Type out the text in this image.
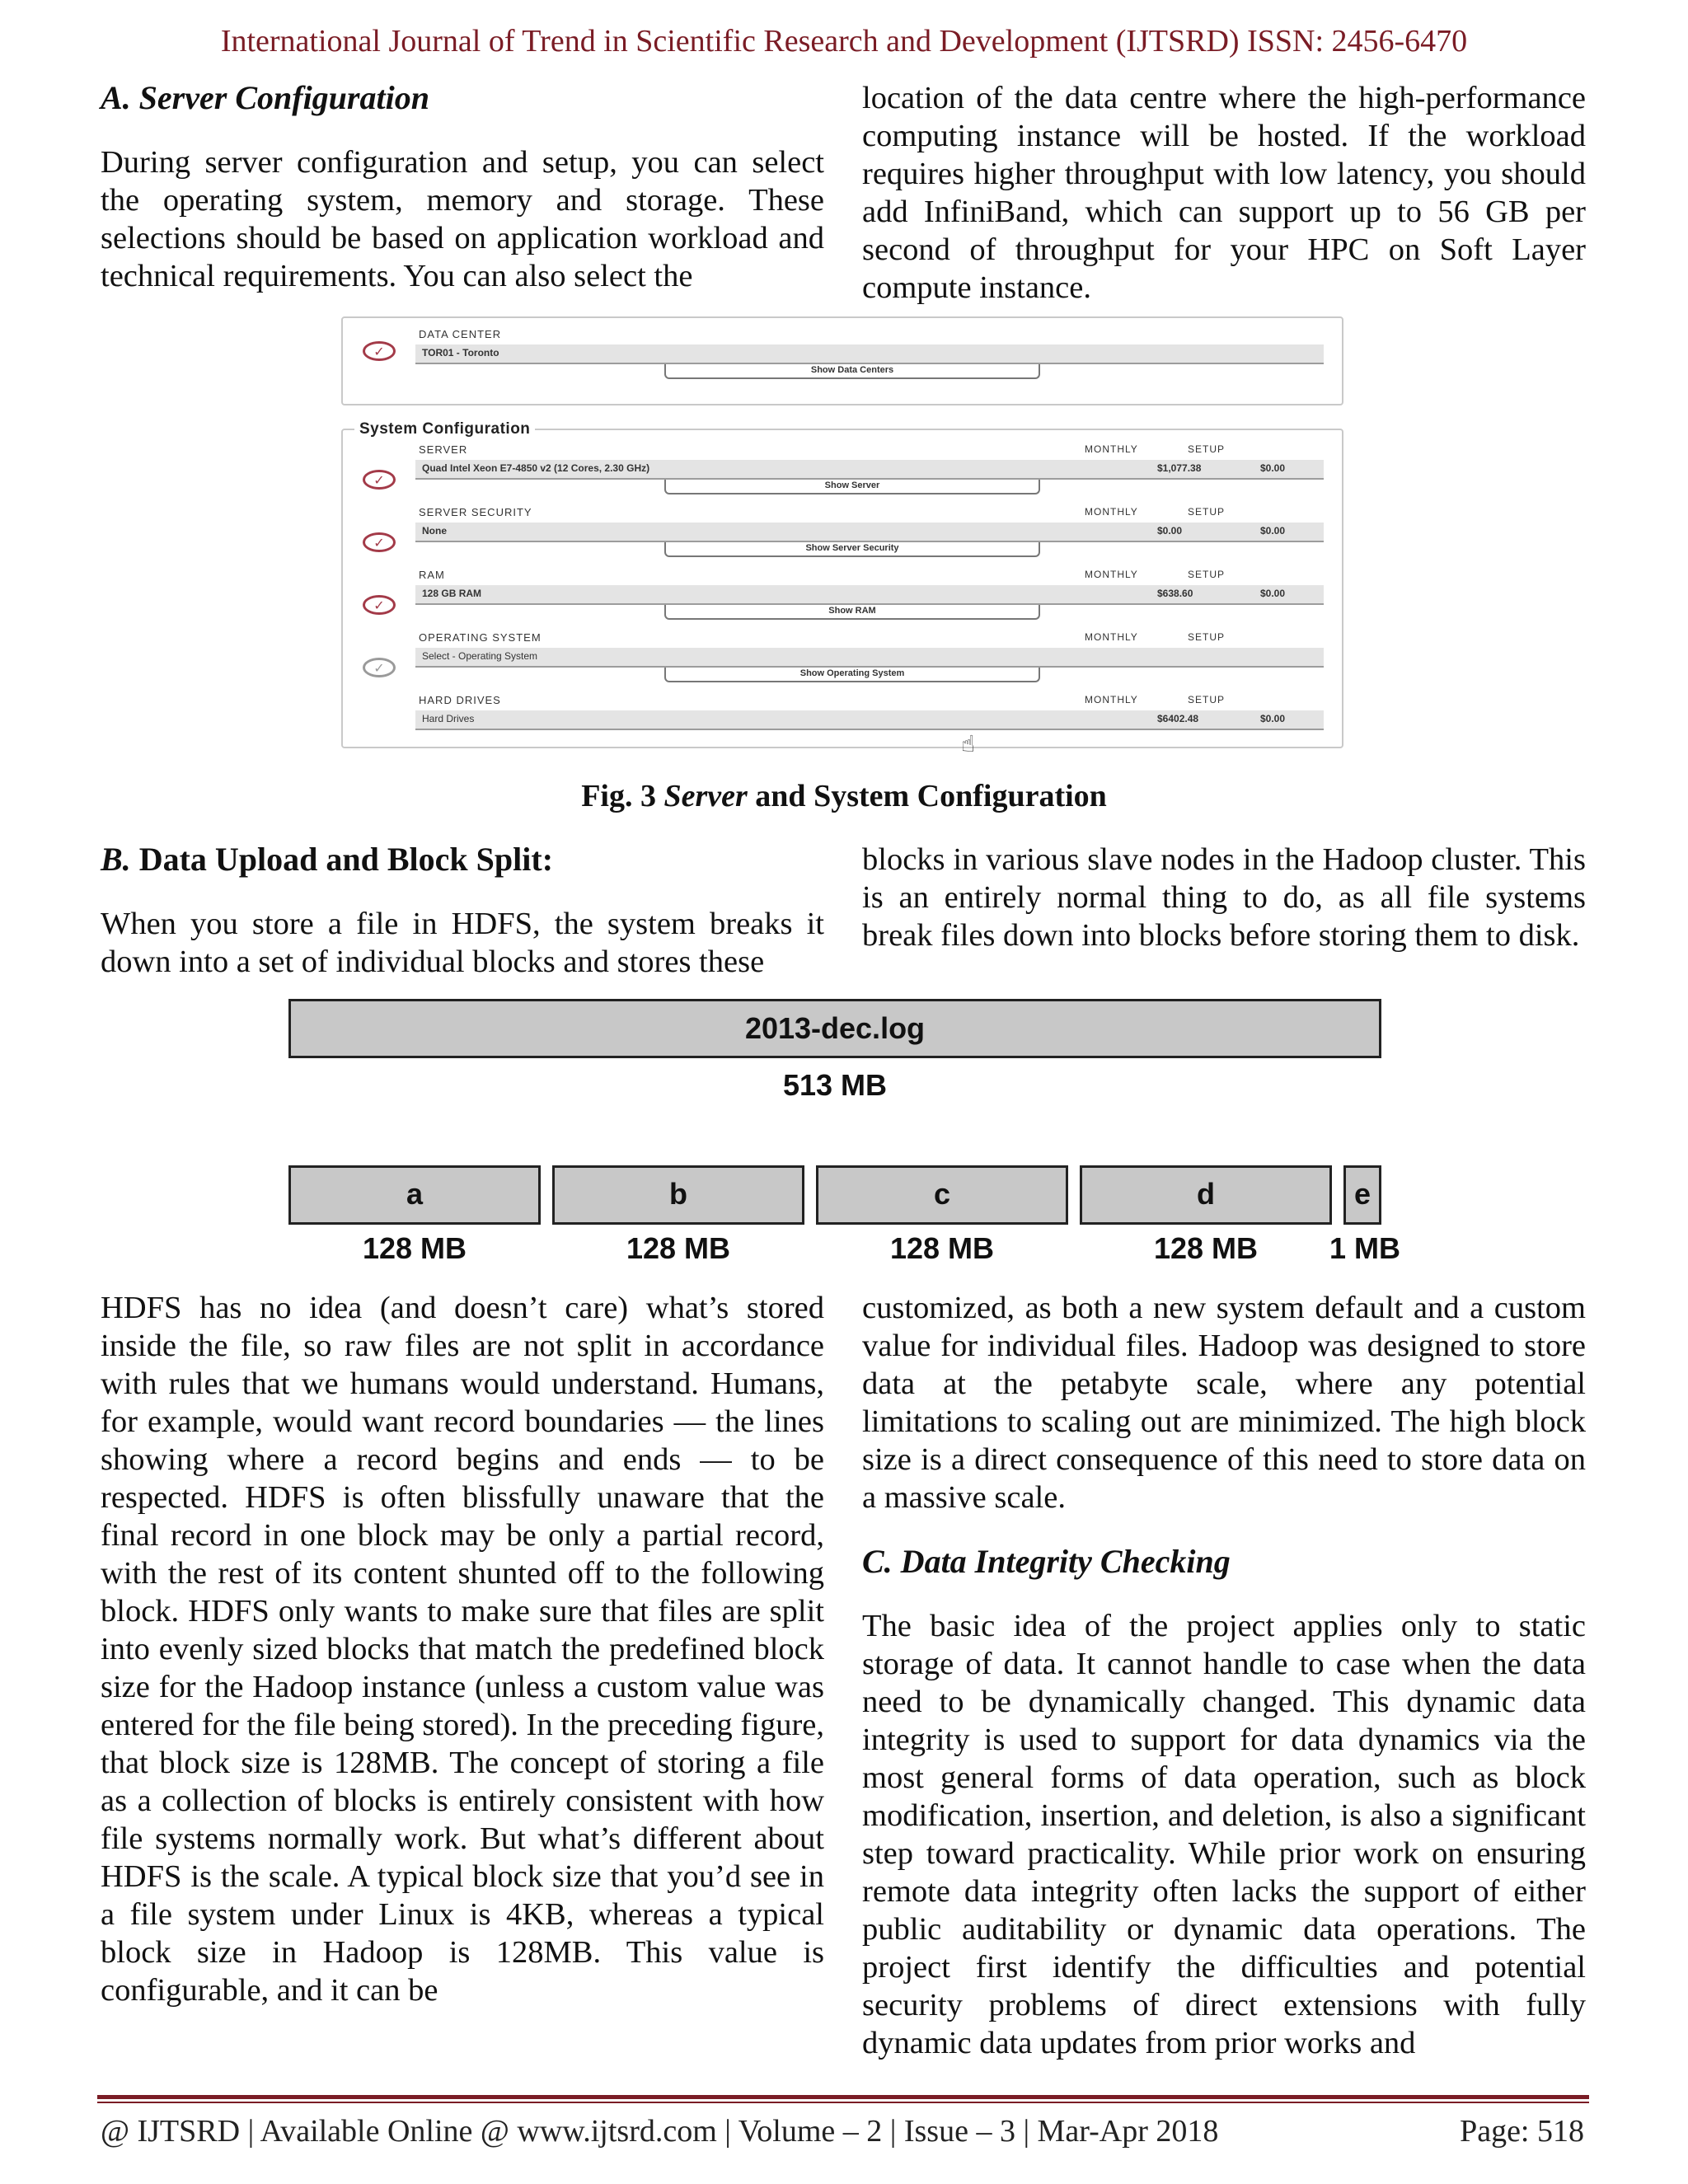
International Journal of Trend in Scientific Research and Development (IJTSRD) ISSN: 2456-6470

A. Server Configuration

During server configuration and setup, you can select the operating system, memory and storage. These selections should be based on application workload and technical requirements. You can also select the

location of the data centre where the high-performance computing instance will be hosted. If the workload requires higher throughput with low latency, you should add InfiniBand, which can support up to 56 GB per second of throughput for your HPC on Soft Layer compute instance.

✓
DATA CENTER
TOR01 - Toronto
Show Data Centers
System Configuration
SERVER	MONTHLY	SETUP
✓
Quad Intel Xeon E7-4850 v2 (12 Cores, 2.30 GHz)	$1,077.38	$0.00
Show Server
SERVER SECURITY	MONTHLY	SETUP
✓
None	$0.00	$0.00
Show Server Security
RAM	MONTHLY	SETUP
✓
128 GB RAM	$638.60	$0.00
Show RAM
OPERATING SYSTEM	MONTHLY	SETUP
✓
Select - Operating System
Show Operating System
HARD DRIVES	MONTHLY	SETUP
Hard Drives	$6402.48	$0.00
☝
Fig. 3 Server and System Configuration

B. Data Upload and Block Split:

When you store a file in HDFS, the system breaks it down into a set of individual blocks and stores these

blocks in various slave nodes in the Hadoop cluster. This is an entirely normal thing to do, as all file systems break files down into blocks before storing them to disk.

2013-dec.log
513 MB
a	b	c	d	e
128 MB	128 MB	128 MB	128 MB	1 MB

HDFS has no idea (and doesn’t care) what’s stored inside the file, so raw files are not split in accordance with rules that we humans would understand. Humans, for example, would want record boundaries — the lines showing where a record begins and ends — to be respected. HDFS is often blissfully unaware that the final record in one block may be only a partial record, with the rest of its content shunted off to the following block. HDFS only wants to make sure that files are split into evenly sized blocks that match the predefined block size for the Hadoop instance (unless a custom value was entered for the file being stored). In the preceding figure, that block size is 128MB. The concept of storing a file as a collection of blocks is entirely consistent with how file systems normally work. But what’s different about HDFS is the scale. A typical block size that you’d see in a file system under Linux is 4KB, whereas a typical block size in Hadoop is 128MB. This value is configurable, and it can be

customized, as both a new system default and a custom value for individual files. Hadoop was designed to store data at the petabyte scale, where any potential limitations to scaling out are minimized. The high block size is a direct consequence of this need to store data on a massive scale.

C. Data Integrity Checking

The basic idea of the project applies only to static storage of data. It cannot handle to case when the data need to be dynamically changed. This dynamic data integrity is used to support for data dynamics via the most general forms of data operation, such as block modification, insertion, and deletion, is also a significant step toward practicality. While prior work on ensuring remote data integrity often lacks the support of either public auditability or dynamic data operations. The project first identify the difficulties and potential security problems of direct extensions with fully dynamic data updates from prior works and

@ IJTSRD | Available Online @ www.ijtsrd.com | Volume – 2 | Issue – 3 | Mar-Apr 2018	Page: 518
